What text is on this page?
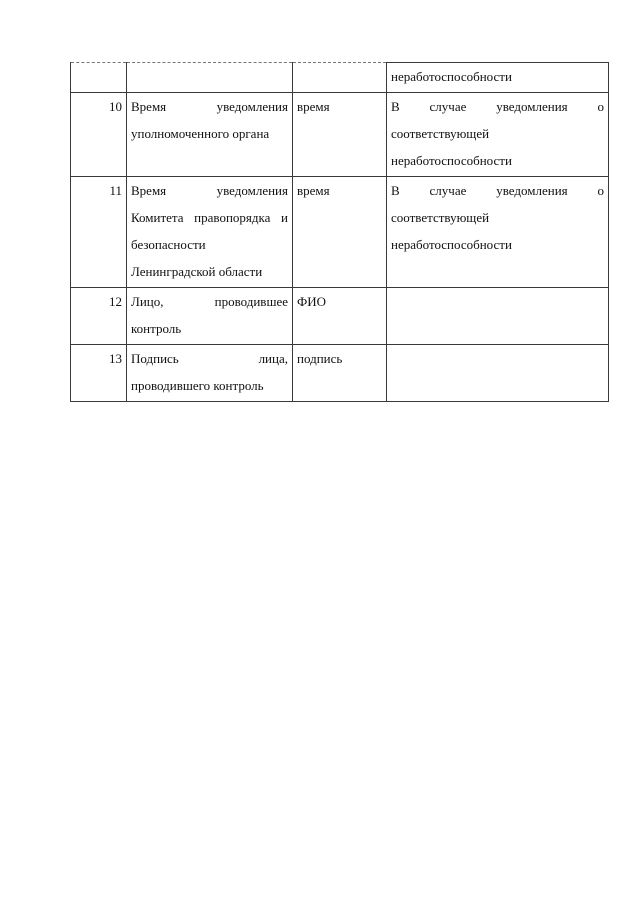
			неработоспособности
10	Время уведомления уполномоченного органа	время	В случае уведомления о соответствующей неработоспособности
11	Время уведомления Комитета правопорядка и безопасности Ленинградской области	время	В случае уведомления о соответствующей неработоспособности
12	Лицо, проводившее контроль	ФИО	
13	Подпись лица, проводившего контроль	подпись	
